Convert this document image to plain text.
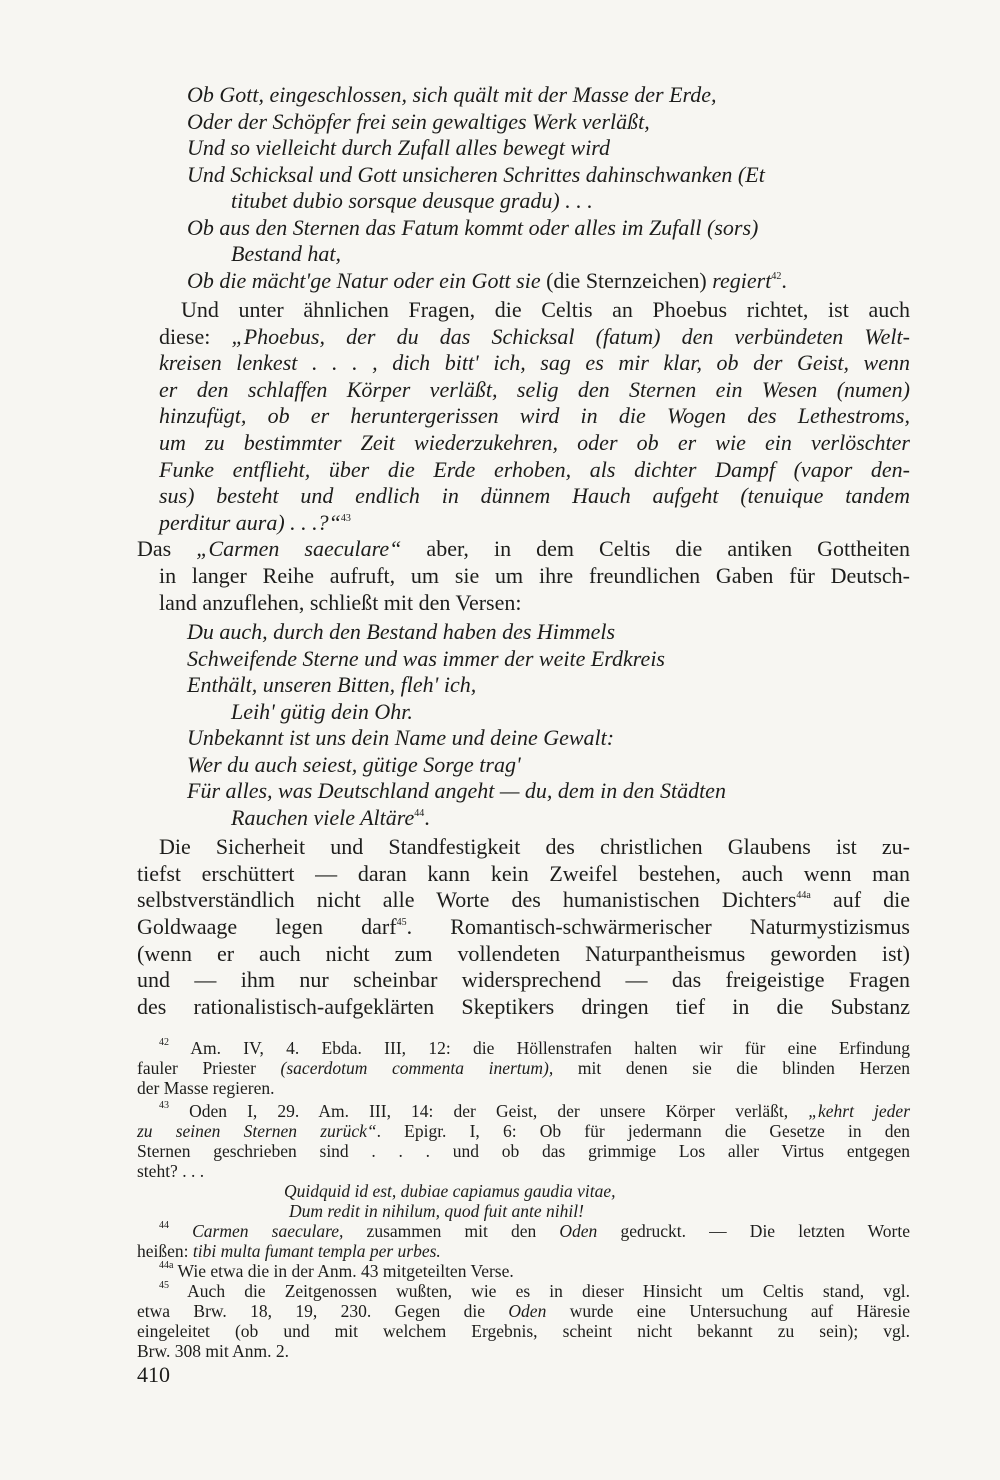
Ob Gott, eingeschlossen, sich quält mit der Masse der Erde,
Oder der Schöpfer frei sein gewaltiges Werk verläßt,
Und so vielleicht durch Zufall alles bewegt wird
Und Schicksal und Gott unsicheren Schrittes dahinschwanken (Et
titubet dubio sorsque deusque gradu) . . .
Ob aus den Sternen das Fatum kommt oder alles im Zufall (sors)
Bestand hat,
Ob die mächt'ge Natur oder ein Gott sie (die Sternzeichen) regiert$^{42}$.
Und unter ähnlichen Fragen, die Celtis an Phoebus richtet, ist auch
diese: „Phoebus, der du das Schicksal (fatum) den verbündeten Welt-
kreisen lenkest . . . , dich bitt' ich, sag es mir klar, ob der Geist, wenn
er den schlaffen Körper verläßt, selig den Sternen ein Wesen (numen)
hinzufügt, ob er heruntergerissen wird in die Wogen des Lethestroms,
um zu bestimmter Zeit wiederzukehren, oder ob er wie ein verlöschter
Funke entflieht, über die Erde erhoben, als dichter Dampf (vapor den-
sus) besteht und endlich in dünnem Hauch aufgeht (tenuique tandem
perditur aura) . . .?“$^{43}$
Das „Carmen saeculare“ aber, in dem Celtis die antiken Gottheiten
in langer Reihe aufruft, um sie um ihre freundlichen Gaben für Deutsch-
land anzuflehen, schließt mit den Versen:
Du auch, durch den Bestand haben des Himmels
Schweifende Sterne und was immer der weite Erdkreis
Enthält, unseren Bitten, fleh' ich,
Leih' gütig dein Ohr.
Unbekannt ist uns dein Name und deine Gewalt:
Wer du auch seiest, gütige Sorge trag'
Für alles, was Deutschland angeht — du, dem in den Städten
Rauchen viele Altäre$^{44}$.
Die Sicherheit und Standfestigkeit des christlichen Glaubens ist zu-
tiefst erschüttert — daran kann kein Zweifel bestehen, auch wenn man
selbstverständlich nicht alle Worte des humanistischen Dichters$^{44a}$ auf die
Goldwaage legen darf$^{45}$. Romantisch-schwärmerischer Naturmystizismus
(wenn er auch nicht zum vollendeten Naturpantheismus geworden ist)
und — ihm nur scheinbar widersprechend — das freigeistige Fragen
des rationalistisch-aufgeklärten Skeptikers dringen tief in die Substanz
$^{42}$ Am. IV, 4. Ebda. III, 12: die Höllenstrafen halten wir für eine Erfindung
fauler Priester (sacerdotum commenta inertum), mit denen sie die blinden Herzen
der Masse regieren.
$^{43}$ Oden I, 29. Am. III, 14: der Geist, der unsere Körper verläßt, „kehrt jeder
zu seinen Sternen zurück“. Epigr. I, 6: Ob für jedermann die Gesetze in den
Sternen geschrieben sind . . . und ob das grimmige Los aller Virtus entgegen
steht? . . .
Quidquid id est, dubiae capiamus gaudia vitae,
Dum redit in nihilum, quod fuit ante nihil!
$^{44}$ Carmen saeculare, zusammen mit den Oden gedruckt. — Die letzten Worte
heißen: tibi multa fumant templa per urbes.
$^{44a}$ Wie etwa die in der Anm. 43 mitgeteilten Verse.
$^{45}$ Auch die Zeitgenossen wußten, wie es in dieser Hinsicht um Celtis stand, vgl.
etwa Brw. 18, 19, 230. Gegen die Oden wurde eine Untersuchung auf Häresie
eingeleitet (ob und mit welchem Ergebnis, scheint nicht bekannt zu sein); vgl.
Brw. 308 mit Anm. 2.
410
